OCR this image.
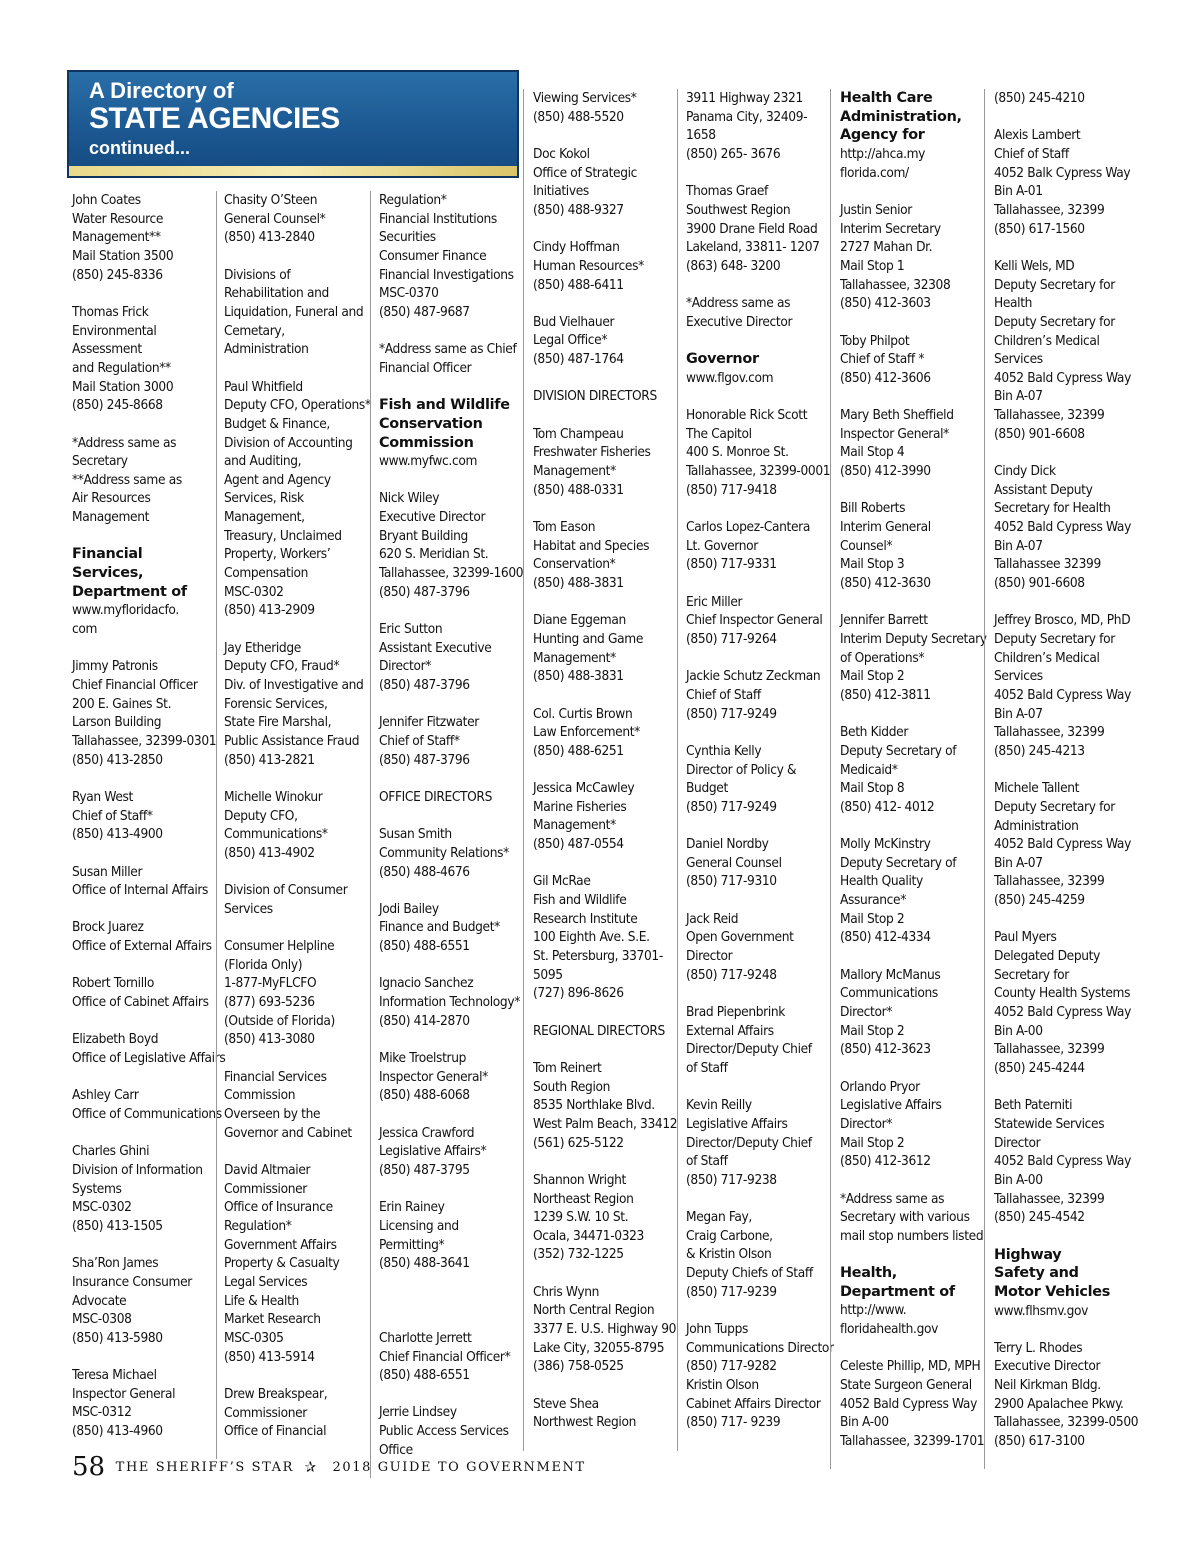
A Directory of
STATE AGENCIES
continued...
John Coates
Water Resource
Management**
Mail Station 3500
(850) 245-8336
Thomas Frick
Environmental
Assessment
and Regulation**
Mail Station 3000
(850) 245-8668
*Address same as
Secretary
**Address same as
Air Resources
Management
Financial
Services,
Department of
www.myfloridacfo.
com
Jimmy Patronis
Chief Financial Officer
200 E. Gaines St.
Larson Building
Tallahassee, 32399-0301
(850) 413-2850
Ryan West
Chief of Staff*
(850) 413-4900
Susan Miller
Office of Internal Affairs
Brock Juarez
Office of External Affairs
Robert Tornillo
Office of Cabinet Affairs
Elizabeth Boyd
Office of Legislative Affairs
Ashley Carr
Office of Communications
Charles Ghini
Division of Information
Systems
MSC-0302
(850) 413-1505
Sha’Ron James
Insurance Consumer
Advocate
MSC-0308
(850) 413-5980
Teresa Michael
Inspector General
MSC-0312
(850) 413-4960
Chasity O’Steen
General Counsel*
(850) 413-2840
Divisions of
Rehabilitation and
Liquidation, Funeral and
Cemetary,
Administration
Paul Whitfield
Deputy CFO, Operations*
Budget & Finance,
Division of Accounting
and Auditing,
Agent and Agency
Services, Risk
Management,
Treasury, Unclaimed
Property, Workers’
Compensation
MSC-0302
(850) 413-2909
Jay Etheridge
Deputy CFO, Fraud*
Div. of Investigative and
Forensic Services,
State Fire Marshal,
Public Assistance Fraud
(850) 413-2821
Michelle Winokur
Deputy CFO,
Communications*
(850) 413-4902
Division of Consumer
Services
Consumer Helpline
(Florida Only)
1-877-MyFLCFO
(877) 693-5236
(Outside of Florida)
(850) 413-3080
Financial Services
Commission
Overseen by the
Governor and Cabinet
David Altmaier
Commissioner
Office of Insurance
Regulation*
Government Affairs
Property & Casualty
Legal Services
Life & Health
Market Research
MSC-0305
(850) 413-5914
Drew Breakspear,
Commissioner
Office of Financial
Regulation*
Financial Institutions
Securities
Consumer Finance
Financial Investigations
MSC-0370
(850) 487-9687
*Address same as Chief
Financial Officer
Fish and Wildlife
Conservation
Commission
www.myfwc.com
Nick Wiley
Executive Director
Bryant Building
620 S. Meridian St.
Tallahassee, 32399-1600
(850) 487-3796
Eric Sutton
Assistant Executive
Director*
(850) 487-3796
Jennifer Fitzwater
Chief of Staff*
(850) 487-3796
OFFICE DIRECTORS
Susan Smith
Community Relations*
(850) 488-4676
Jodi Bailey
Finance and Budget*
(850) 488-6551
Ignacio Sanchez
Information Technology*
(850) 414-2870
Mike Troelstrup
Inspector General*
(850) 488-6068
Jessica Crawford
Legislative Affairs*
(850) 487-3795
Erin Rainey
Licensing and
Permitting*
(850) 488-3641
Charlotte Jerrett
Chief Financial Officer*
(850) 488-6551
Jerrie Lindsey
Public Access Services
Office
Viewing Services*
(850) 488-5520
Doc Kokol
Office of Strategic
Initiatives
(850) 488-9327
Cindy Hoffman
Human Resources*
(850) 488-6411
Bud Vielhauer
Legal Office*
(850) 487-1764
DIVISION DIRECTORS
Tom Champeau
Freshwater Fisheries
Management*
(850) 488-0331
Tom Eason
Habitat and Species
Conservation*
(850) 488-3831
Diane Eggeman
Hunting and Game
Management*
(850) 488-3831
Col. Curtis Brown
Law Enforcement*
(850) 488-6251
Jessica McCawley
Marine Fisheries
Management*
(850) 487-0554
Gil McRae
Fish and Wildlife
Research Institute
100 Eighth Ave. S.E.
St. Petersburg, 33701-
5095
(727) 896-8626
REGIONAL DIRECTORS
Tom Reinert
South Region
8535 Northlake Blvd.
West Palm Beach, 33412
(561) 625-5122
Shannon Wright
Northeast Region
1239 S.W. 10 St.
Ocala, 34471-0323
(352) 732-1225
Chris Wynn
North Central Region
3377 E. U.S. Highway 90
Lake City, 32055-8795
(386) 758-0525
Steve Shea
Northwest Region
3911 Highway 2321
Panama City, 32409-
1658
(850) 265- 3676
Thomas Graef
Southwest Region
3900 Drane Field Road
Lakeland, 33811- 1207
(863) 648- 3200
*Address same as
Executive Director
Governor
www.flgov.com
Honorable Rick Scott
The Capitol
400 S. Monroe St.
Tallahassee, 32399-0001
(850) 717-9418
Carlos Lopez-Cantera
Lt. Governor
(850) 717-9331
Eric Miller
Chief Inspector General
(850) 717-9264
Jackie Schutz Zeckman
Chief of Staff
(850) 717-9249
Cynthia Kelly
Director of Policy &
Budget
(850) 717-9249
Daniel Nordby
General Counsel
(850) 717-9310
Jack Reid
Open Government
Director
(850) 717-9248
Brad Piepenbrink
External Affairs
Director/Deputy Chief
of Staff
Kevin Reilly
Legislative Affairs
Director/Deputy Chief
of Staff
(850) 717-9238
Megan Fay,
Craig Carbone,
& Kristin Olson
Deputy Chiefs of Staff
(850) 717-9239
John Tupps
Communications Director
(850) 717-9282
Kristin Olson
Cabinet Affairs Director
(850) 717- 9239
Health Care
Administration,
Agency for
http://ahca.my
florida.com/
Justin Senior
Interim Secretary
2727 Mahan Dr.
Mail Stop 1
Tallahassee, 32308
(850) 412-3603
Toby Philpot
Chief of Staff *
(850) 412-3606
Mary Beth Sheffield
Inspector General*
Mail Stop 4
(850) 412-3990
Bill Roberts
Interim General
Counsel*
Mail Stop 3
(850) 412-3630
Jennifer Barrett
Interim Deputy Secretary
of Operations*
Mail Stop 2
(850) 412-3811
Beth Kidder
Deputy Secretary of
Medicaid*
Mail Stop 8
(850) 412- 4012
Molly McKinstry
Deputy Secretary of
Health Quality
Assurance*
Mail Stop 2
(850) 412-4334
Mallory McManus
Communications
Director*
Mail Stop 2
(850) 412-3623
Orlando Pryor
Legislative Affairs
Director*
Mail Stop 2
(850) 412-3612
*Address same as
Secretary with various
mail stop numbers listed
Health,
Department of
http://www.
floridahealth.gov
Celeste Phillip, MD, MPH
State Surgeon General
4052 Bald Cypress Way
Bin A-00
Tallahassee, 32399-1701
(850) 245-4210
Alexis Lambert
Chief of Staff
4052 Balk Cypress Way
Bin A-01
Tallahassee, 32399
(850) 617-1560
Kelli Wels, MD
Deputy Secretary for
Health
Deputy Secretary for
Children’s Medical
Services
4052 Bald Cypress Way
Bin A-07
Tallahassee, 32399
(850) 901-6608
Cindy Dick
Assistant Deputy
Secretary for Health
4052 Bald Cypress Way
Bin A-07
Tallahassee 32399
(850) 901-6608
Jeffrey Brosco, MD, PhD
Deputy Secretary for
Children’s Medical
Services
4052 Bald Cypress Way
Bin A-07
Tallahassee, 32399
(850) 245-4213
Michele Tallent
Deputy Secretary for
Administration
4052 Bald Cypress Way
Bin A-07
Tallahassee, 32399
(850) 245-4259
Paul Myers
Delegated Deputy
Secretary for
County Health Systems
4052 Bald Cypress Way
Bin A-00
Tallahassee, 32399
(850) 245-4244
Beth Paterniti
Statewide Services
Director
4052 Bald Cypress Way
Bin A-00
Tallahassee, 32399
(850) 245-4542
Highway
Safety and
Motor Vehicles
www.flhsmv.gov
Terry L. Rhodes
Executive Director
Neil Kirkman Bldg.
2900 Apalachee Pkwy.
Tallahassee, 32399-0500
(850) 617-3100
58 THE SHERIFF’S STAR ✰ 2018 GUIDE TO GOVERNMENT
